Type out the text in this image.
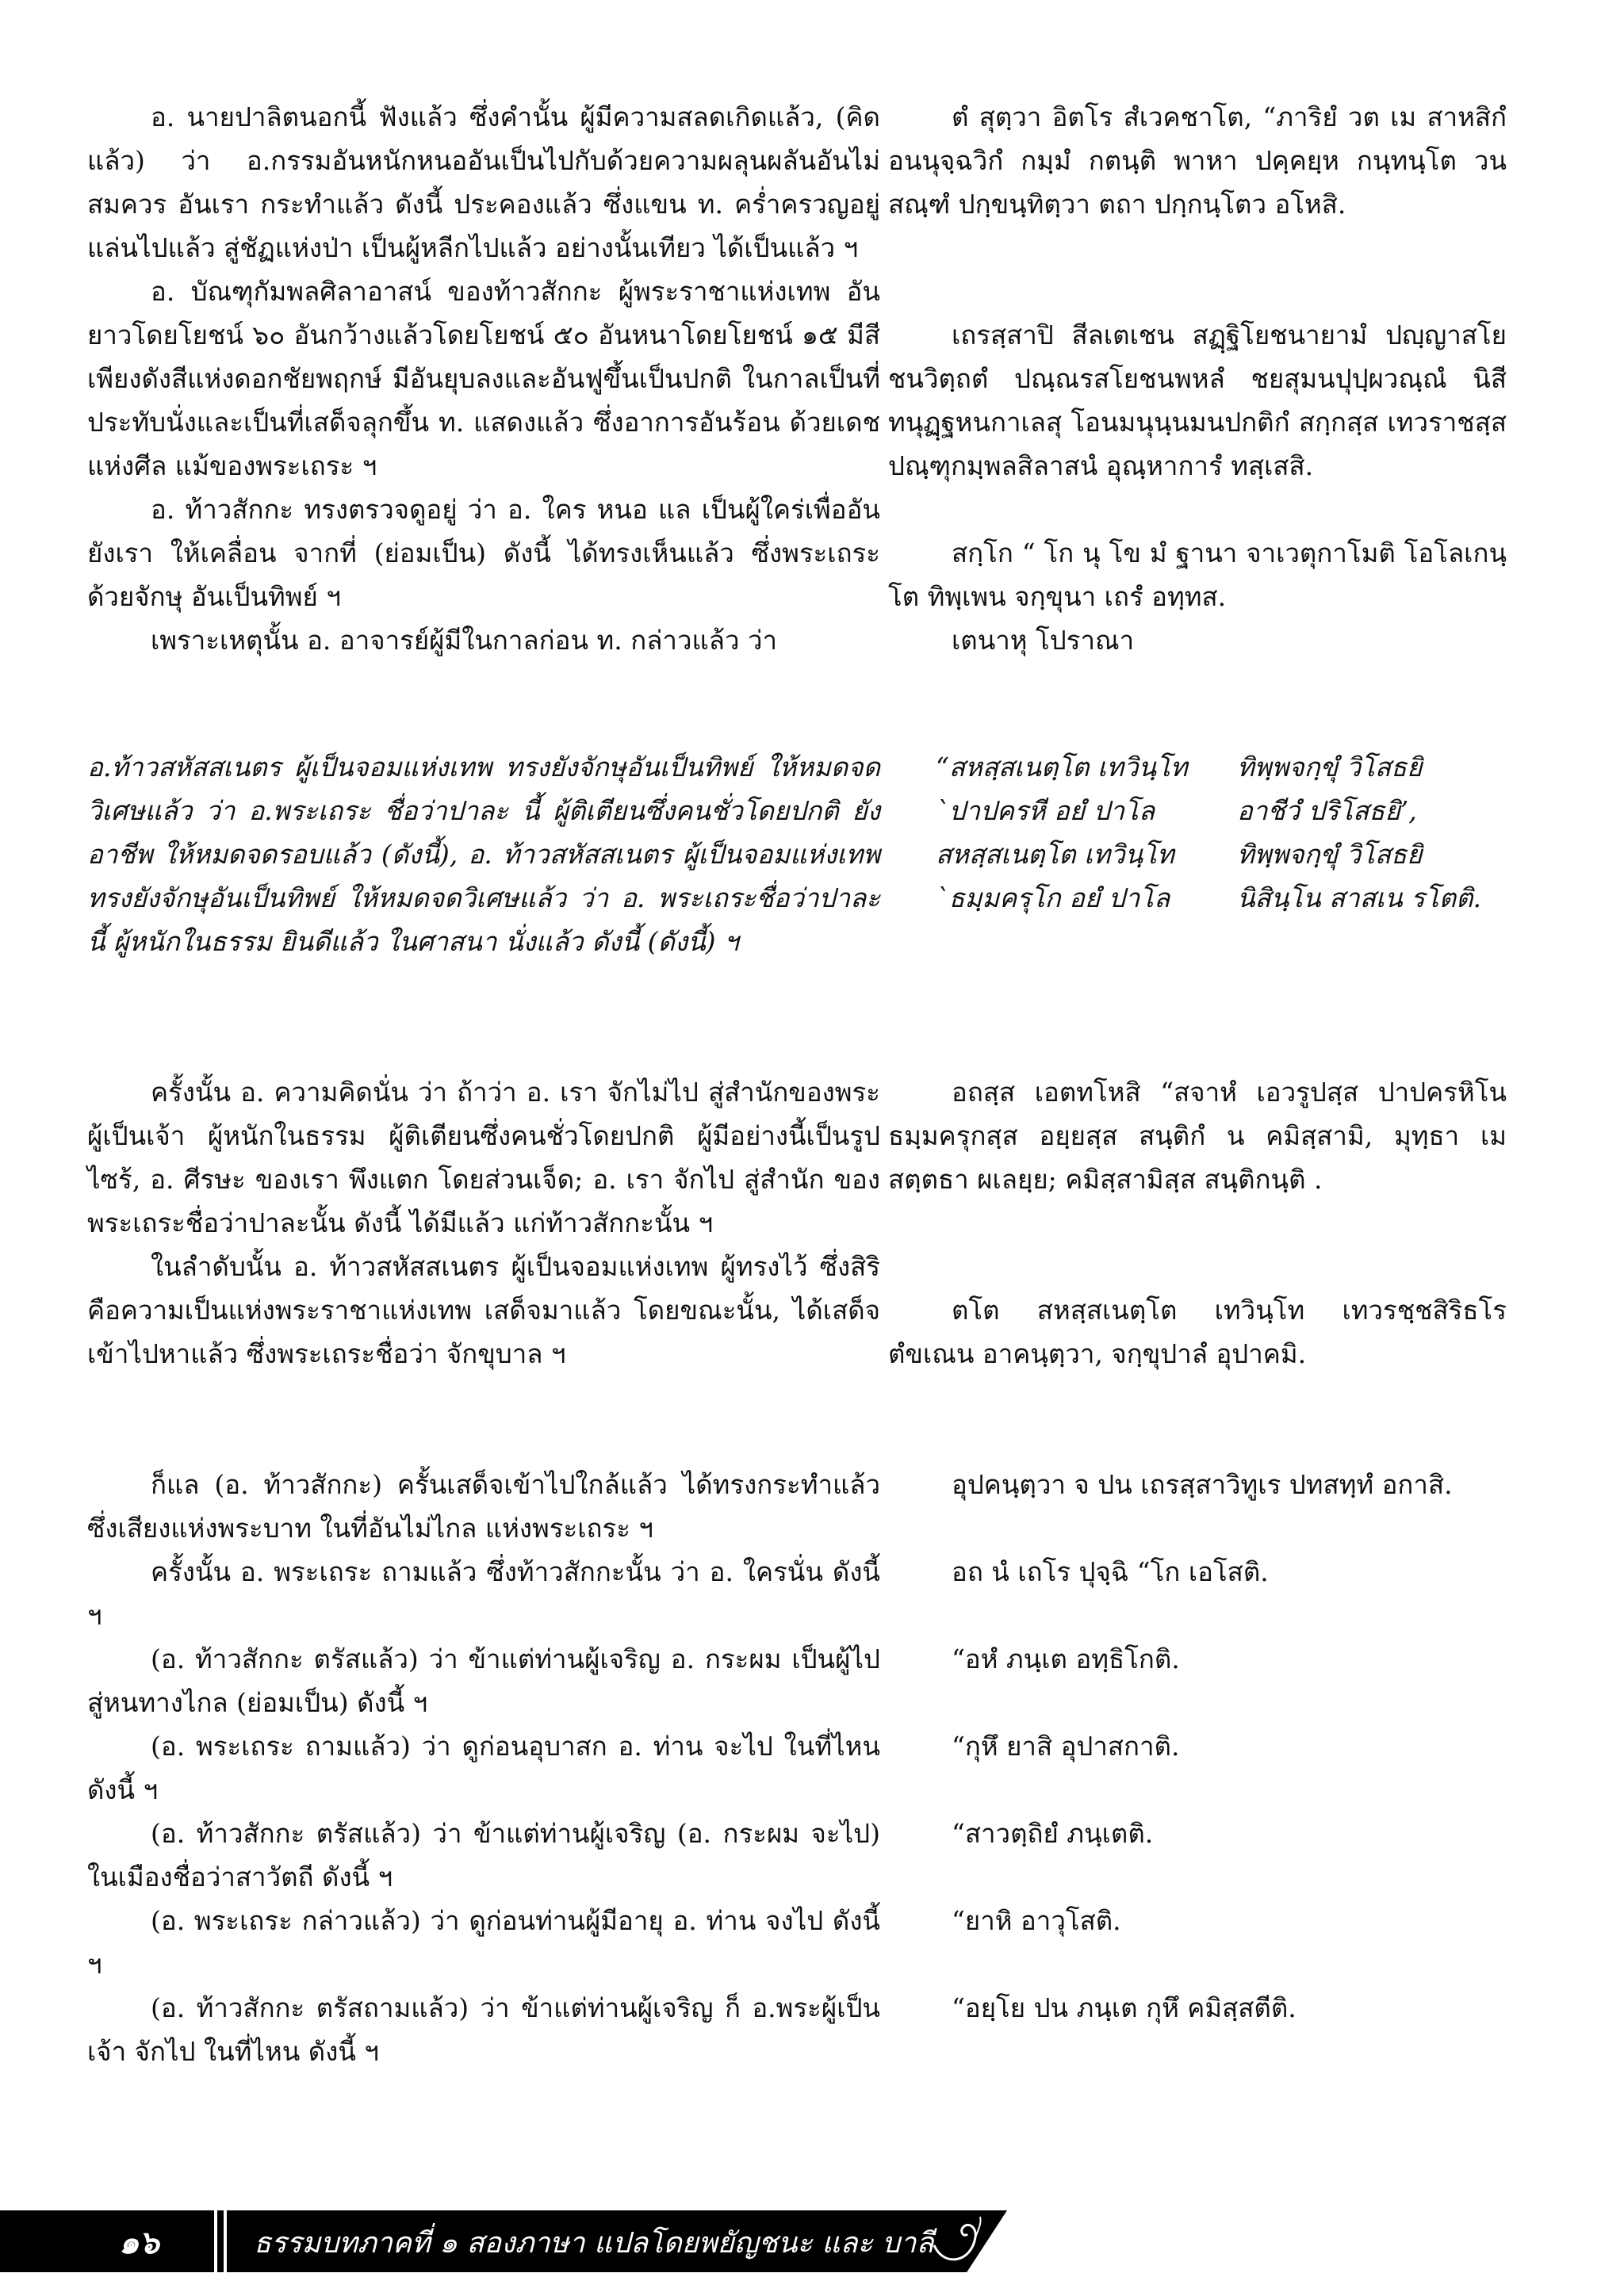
อ. นายปาลิตนอกนี้ ฟังแล้ว ซึ่งคำนั้น ผู้มีความสลดเกิดแล้ว, (คิดแล้ว) ว่า อ.กรรมอันหนักหนออันเป็นไปกับด้วยความผลุนผลันอันไม่สมควร อันเรา กระทำแล้ว ดังนี้ ประคองแล้ว ซึ่งแขน ท. คร่ำครวญอยู่ แล่นไปแล้ว สู่ชัฏแห่งป่า เป็นผู้หลีกไปแล้ว อย่างนั้นเทียว ได้เป็นแล้ว ฯ

อ. บัณฑุกัมพลศิลาอาสน์ ของท้าวสักกะ ผู้พระราชาแห่งเทพ อันยาวโดยโยชน์ ๖๐ อันกว้างแล้วโดยโยชน์ ๕๐ อันหนาโดยโยชน์ ๑๕ มีสีเพียงดังสีแห่งดอกชัยพฤกษ์ มีอันยุบลงและอันฟูขึ้นเป็นปกติ ในกาลเป็นที่ประทับนั่งและเป็นที่เสด็จลุกขึ้น ท. แสดงแล้ว ซึ่งอาการอันร้อน ด้วยเดชแห่งศีล แม้ของพระเถระ ฯ

อ. ท้าวสักกะ ทรงตรวจดูอยู่ ว่า อ. ใคร หนอ แล เป็นผู้ใคร่เพื่ออัน ยังเรา ให้เคลื่อน จากที่ (ย่อมเป็น) ดังนี้ ได้ทรงเห็นแล้ว ซึ่งพระเถระ ด้วยจักษุ อันเป็นทิพย์ ฯ

เพราะเหตุนั้น อ. อาจารย์ผู้มีในกาลก่อน ท. กล่าวแล้ว ว่า

ตํ สุตฺวา อิตโร สํเวคชาโต, “ภาริยํ วต เม สาหสิกํ อนนุจฺฉวิกํ กมฺมํ กตนฺติ พาหา ปคฺคยฺห กนฺทนฺโต วนสณฺฑํ ปกฺขนฺทิตฺวา ตถา ปกฺกนฺโตว อโหสิ.

เถรสฺสาปิ สีลเตเชน สฏฺฐิโยชนายามํ ปญฺญาสโยชนวิตฺถตํ ปณฺณรสโยชนพหลํ ชยสุมนปุปฺผวณฺณํ นิสีทนุฏฺฐหนกาเลสุ โอนมนุนฺนมนปกติกํ สกฺกสฺส เทวราชสฺส ปณฺฑุกมฺพลสิลาสนํ อุณฺหาการํ ทสฺเสสิ.

สกฺโก “ โก นุ โข มํ ฐานา จาเวตุกาโมติ โอโลเกนฺโต ทิพฺเพน จกฺขุนา เถรํ อทฺทส.

เตนาหุ โปราณา

อ.ท้าวสหัสสเนตร ผู้เป็นจอมแห่งเทพ ทรงยังจักษุอันเป็นทิพย์ ให้หมดจดวิเศษแล้ว ว่า อ.พระเถระ ชื่อว่าปาละ นี้ ผู้ติเตียนซึ่งคนชั่วโดยปกติ ยังอาชีพ ให้หมดจดรอบแล้ว (ดังนี้), อ. ท้าวสหัสสเนตร ผู้เป็นจอมแห่งเทพ ทรงยังจักษุอันเป็นทิพย์ ให้หมดจดวิเศษแล้ว ว่า อ. พระเถระชื่อว่าปาละ นี้ ผู้หนักในธรรม ยินดีแล้ว ในศาสนา นั่งแล้ว ดังนี้ (ดังนี้) ฯ

“สหสฺสเนตฺโต เทวินฺโท	ทิพฺพจกฺขุํ วิโสธยิ
`ปาปครหี อยํ ปาโล	อาชีวํ ปริโสธยิ’,
สหสฺสเนตฺโต เทวินฺโท	ทิพฺพจกฺขุํ วิโสธยิ
`ธมฺมครุโก อยํ ปาโล	นิสินฺโน สาสเน รโตติ.

ครั้งนั้น อ. ความคิดนั่น ว่า ถ้าว่า อ. เรา จักไม่ไป สู่สำนักของพระผู้เป็นเจ้า ผู้หนักในธรรม ผู้ติเตียนซึ่งคนชั่วโดยปกติ ผู้มีอย่างนี้เป็นรูปไซร้, อ. ศีรษะ ของเรา พึงแตก โดยส่วนเจ็ด; อ. เรา จักไป สู่สำนัก ของพระเถระชื่อว่าปาละนั้น ดังนี้ ได้มีแล้ว แก่ท้าวสักกะนั้น ฯ

ในลำดับนั้น อ. ท้าวสหัสสเนตร ผู้เป็นจอมแห่งเทพ ผู้ทรงไว้ ซึ่งสิริคือความเป็นแห่งพระราชาแห่งเทพ เสด็จมาแล้ว โดยขณะนั้น, ได้เสด็จเข้าไปหาแล้ว ซึ่งพระเถระชื่อว่า จักขุบาล ฯ

อถสฺส เอตทโหสิ “สจาหํ เอวรูปสฺส ปาปครหิโน ธมฺมครุกสฺส อยฺยสฺส สนฺติกํ น คมิสฺสามิ, มุทฺธา เม สตฺตธา ผเลยฺย; คมิสฺสามิสฺส สนฺติกนฺติ .

ตโต สหสฺสเนตฺโต เทวินฺโท เทวรชฺชสิริธโร ตํขเณน อาคนฺตฺวา, จกฺขุปาลํ อุปาคมิ.

ก็แล (อ. ท้าวสักกะ) ครั้นเสด็จเข้าไปใกล้แล้ว ได้ทรงกระทำแล้ว ซึ่งเสียงแห่งพระบาท ในที่อันไม่ไกล แห่งพระเถระ ฯ

อุปคนฺตฺวา จ ปน เถรสฺสาวิทูเร ปทสทฺทํ อกาสิ.

ครั้งนั้น อ. พระเถระ ถามแล้ว ซึ่งท้าวสักกะนั้น ว่า อ. ใครนั่น ดังนี้ ฯ

อถ นํ เถโร ปุจฺฉิ “โก เอโสติ.

(อ. ท้าวสักกะ ตรัสแล้ว) ว่า ข้าแต่ท่านผู้เจริญ อ. กระผม เป็นผู้ไปสู่หนทางไกล (ย่อมเป็น) ดังนี้ ฯ

“อหํ ภนฺเต อทฺธิโกติ.

(อ. พระเถระ ถามแล้ว) ว่า ดูก่อนอุบาสก อ. ท่าน จะไป ในที่ไหน ดังนี้ ฯ

“กุหึ ยาสิ อุปาสกาติ.

(อ. ท้าวสักกะ ตรัสแล้ว) ว่า ข้าแต่ท่านผู้เจริญ (อ. กระผม จะไป) ในเมืองชื่อว่าสาวัตถี ดังนี้ ฯ

“สาวตฺถิยํ ภนฺเตติ.

(อ. พระเถระ กล่าวแล้ว) ว่า ดูก่อนท่านผู้มีอายุ อ. ท่าน จงไป ดังนี้ ฯ

“ยาหิ อาวุโสติ.

(อ. ท้าวสักกะ ตรัสถามแล้ว) ว่า ข้าแต่ท่านผู้เจริญ ก็ อ.พระผู้เป็นเจ้า จักไป ในที่ไหน ดังนี้ ฯ

“อยฺโย ปน ภนฺเต กุหึ คมิสฺสตีติ.

๑๖	ธรรมบทภาคที่ ๑ สองภาษา แปลโดยพยัญชนะ และ บาลี
